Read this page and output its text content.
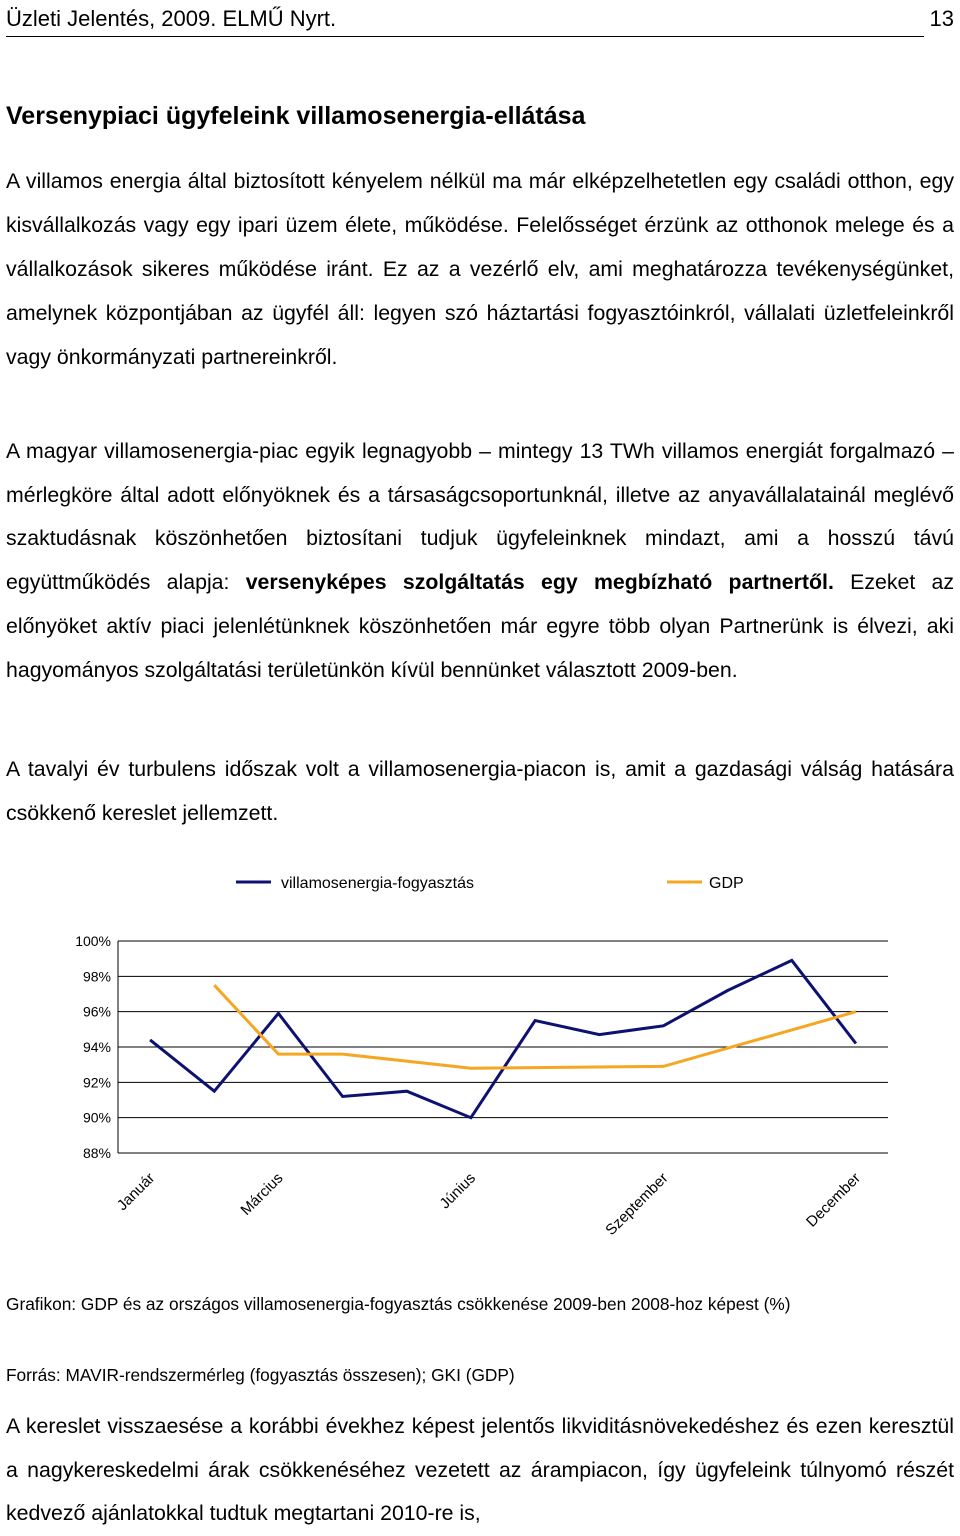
Üzleti Jelentés, 2009. ELMŰ Nyrt.	13
Versenypiaci ügyfeleink villamosenergia-ellátása

A villamos energia által biztosított kényelem nélkül ma már elképzelhetetlen egy családi otthon, egy kisvállalkozás vagy egy ipari üzem élete, működése. Felelősséget érzünk az otthonok melege és a vállalkozások sikeres működése iránt. Ez az a vezérlő elv, ami meghatározza tevékenységünket, amelynek központjában az ügyfél áll: legyen szó háztartási fogyasztóinkról, vállalati üzletfeleinkről vagy önkormányzati partnereinkről.

A magyar villamosenergia-piac egyik legnagyobb – mintegy 13 TWh villamos energiát forgalmazó – mérlegköre által adott előnyöknek és a társaságcsoportunknál, illetve az anyavállalatainál meglévő szaktudásnak köszönhetően biztosítani tudjuk ügyfeleinknek mindazt, ami a hosszú távú együttműködés alapja: versenyképes szolgáltatás egy megbízható partnertől. Ezeket az előnyöket aktív piaci jelenlétünknek köszönhetően már egyre több olyan Partnerünk is élvezi, aki hagyományos szolgáltatási területünkön kívül bennünket választott 2009-ben.

A tavalyi év turbulens időszak volt a villamosenergia-piacon is, amit a gazdasági válság hatására csökkenő kereslet jellemzett.

100%
98%
96%
94%
92%
90%
88%
Január	Március	Június	Szeptember	December
villamosenergia-fogyasztás	GDP
Grafikon: GDP és az országos villamosenergia-fogyasztás csökkenése 2009-ben 2008-hoz képest (%)
Forrás: MAVIR-rendszermérleg (fogyasztás összesen); GKI (GDP)

A kereslet visszaesése a korábbi évekhez képest jelentős likviditásnövekedéshez és ezen keresztül a nagykereskedelmi árak csökkenéséhez vezetett az árampiacon, így ügyfeleink túlnyomó részét kedvező ajánlatokkal tudtuk megtartani 2010-re is,
